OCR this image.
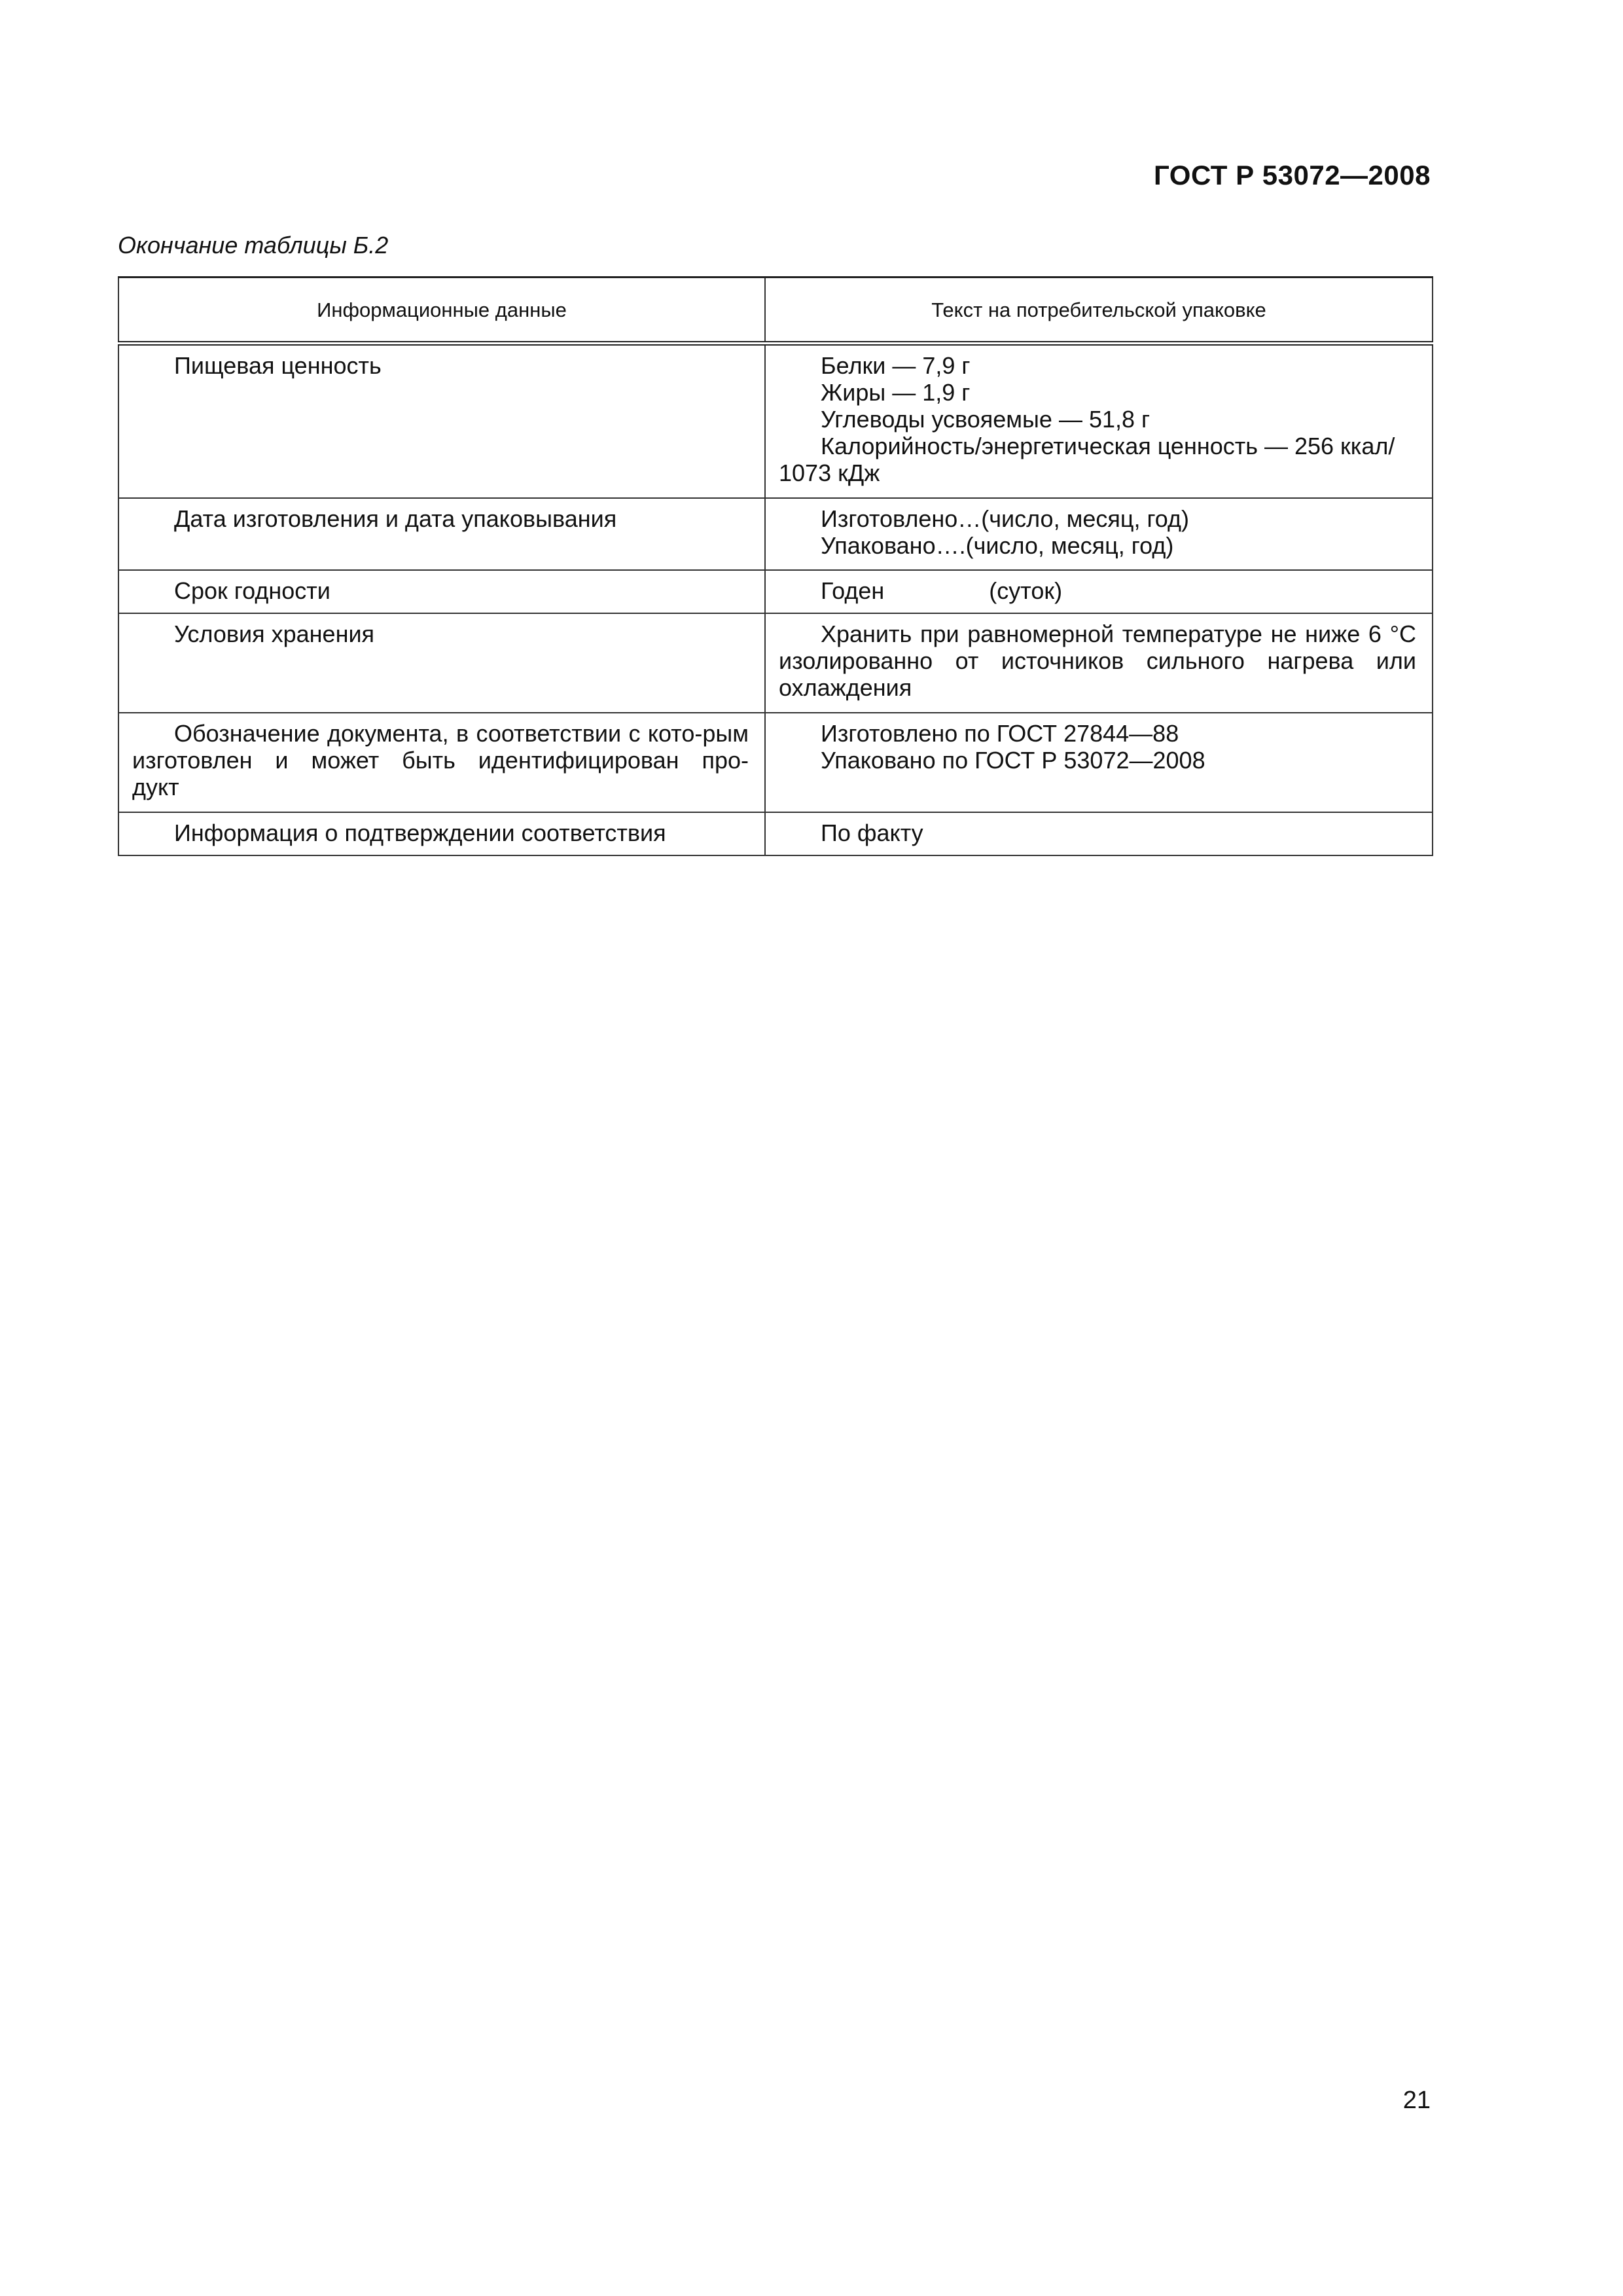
ГОСТ Р 53072—2008
Окончание таблицы Б.2
Информационные данные	Текст на потребительской упаковке

Пищевая ценность	Белки — 7,9 г
Жиры — 1,9 г
Углеводы усвояемые — 51,8 г
Калорийность/энергетическая ценность — 256 ккал/
1073 кДж

Дата изготовления и дата упаковывания	Изготовлено…(число, месяц, год)
Упаковано….(число, месяц, год)

Срок годности	Годен                (суток)

Условия хранения	Хранить при равномерной температуре не ниже 6 °С изолированно от источников сильного нагрева или
охлаждения

Обозначение документа, в соответствии с кото-рым изготовлен и может быть идентифицирован про-
дукт	Изготовлено по ГОСТ 27844—88
Упаковано по ГОСТ Р 53072—2008

Информация о подтверждении соответствия	По факту
21
